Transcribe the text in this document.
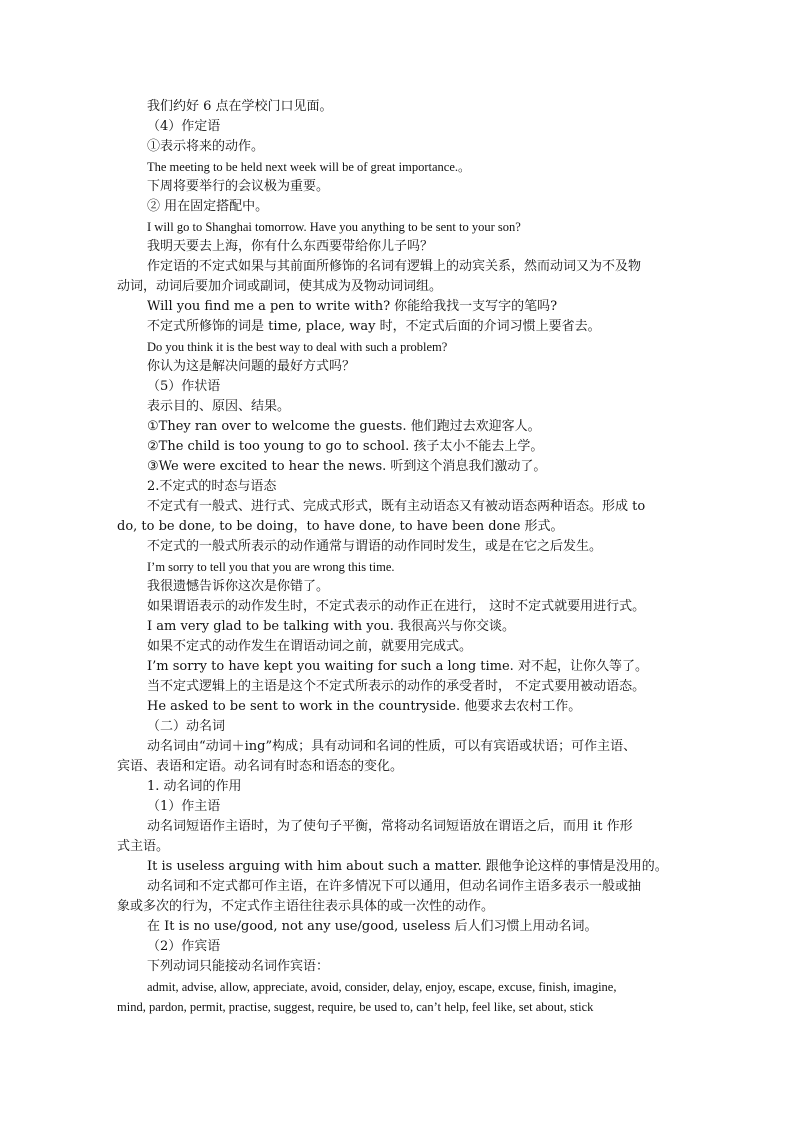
我们约好 6 点在学校门口见面。
（4）作定语
①表示将来的动作。
The meeting to be held next week will be of great importance.。
下周将要举行的会议极为重要。
② 用在固定搭配中。
I will go to Shanghai tomorrow. Have you anything to be sent to your son?
我明天要去上海，你有什么东西要带给你儿子吗？
作定语的不定式如果与其前面所修饰的名词有逻辑上的动宾关系，然而动词又为不及物
动词，动词后要加介词或副词，使其成为及物动词词组。
Will you find me a pen to write with? 你能给我找一支写字的笔吗?
不定式所修饰的词是 time, place, way 时，不定式后面的介词习惯上要省去。
Do you think it is the best way to deal with such a problem?
你认为这是解决问题的最好方式吗？
（5）作状语
表示目的、原因、结果。
①They ran over to welcome the guests. 他们跑过去欢迎客人。
②The child is too young to go to school. 孩子太小不能去上学。
③We were excited to hear the news. 听到这个消息我们激动了。
2.不定式的时态与语态
不定式有一般式、进行式、完成式形式，既有主动语态又有被动语态两种语态。形成 to
do, to be done, to be doing，to have done, to have been done 形式。
不定式的一般式所表示的动作通常与谓语的动作同时发生，或是在它之后发生。
I’m sorry to tell you that you are wrong this time.
我很遗憾告诉你这次是你错了。
如果谓语表示的动作发生时，不定式表示的动作正在进行， 这时不定式就要用进行式。
I am very glad to be talking with you. 我很高兴与你交谈。
如果不定式的动作发生在谓语动词之前，就要用完成式。
I’m sorry to have kept you waiting for such a long time. 对不起，让你久等了。
当不定式逻辑上的主语是这个不定式所表示的动作的承受者时， 不定式要用被动语态。
He asked to be sent to work in the countryside. 他要求去农村工作。
（二）动名词
动名词由“动词＋ing”构成；具有动词和名词的性质，可以有宾语或状语；可作主语、
宾语、表语和定语。动名词有时态和语态的变化。
1. 动名词的作用
（1）作主语
动名词短语作主语时，为了使句子平衡，常将动名词短语放在谓语之后，而用 it 作形
式主语。
It is useless arguing with him about such a matter. 跟他争论这样的事情是没用的。
动名词和不定式都可作主语，在许多情况下可以通用，但动名词作主语多表示一般或抽
象或多次的行为，不定式作主语往往表示具体的或一次性的动作。
在 It is no use/good, not any use/good, useless 后人们习惯上用动名词。
（2）作宾语
下列动词只能接动名词作宾语：
admit, advise, allow, appreciate, avoid, consider, delay, enjoy, escape, excuse, finish, imagine,
mind, pardon, permit, practise, suggest, require, be used to, can’t help, feel like, set about, stick
